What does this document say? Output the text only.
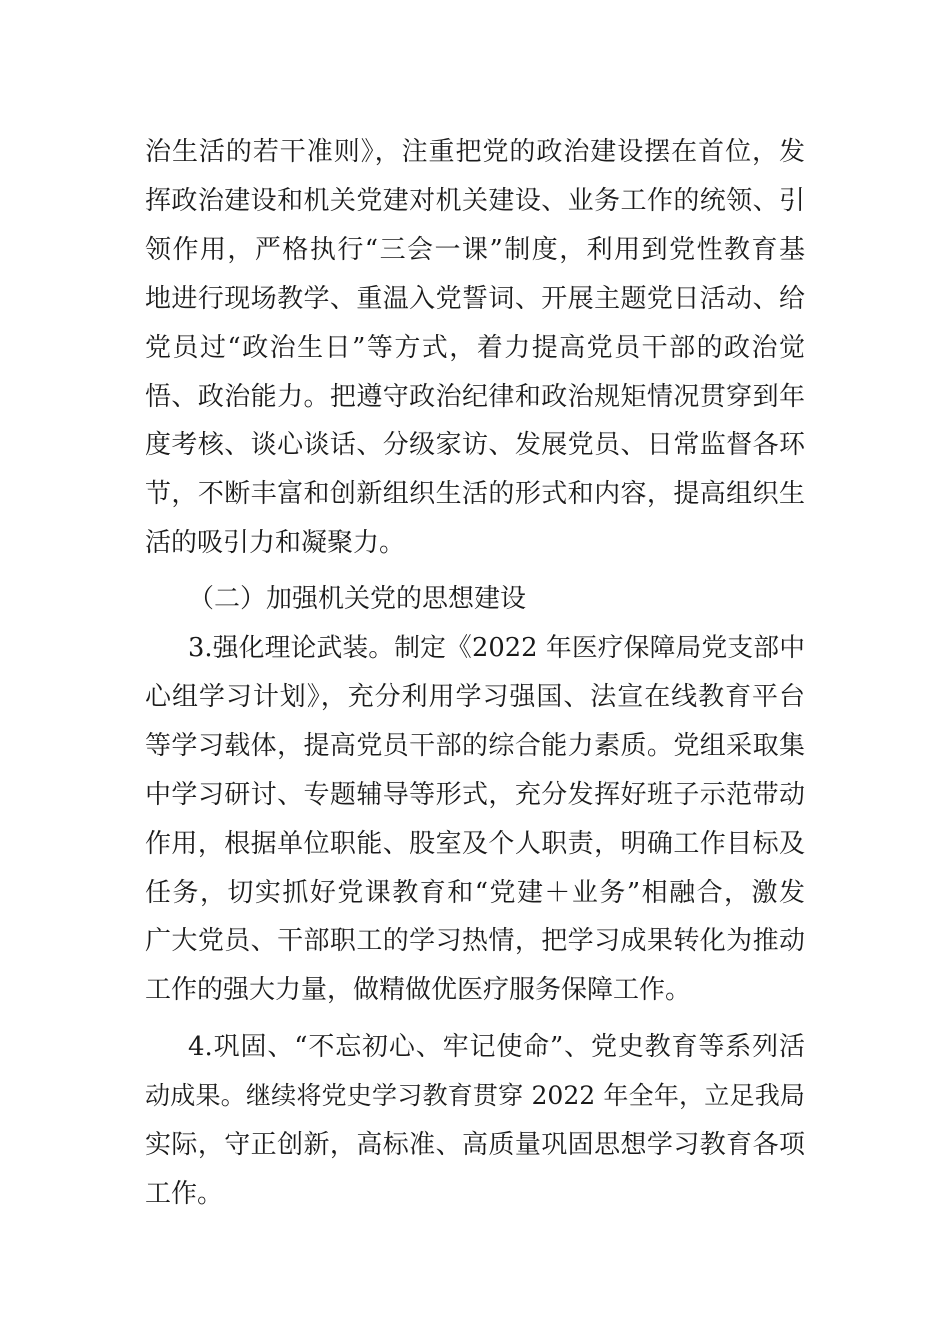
治生活的若干准则》，注重把党的政治建设摆在首位，发
挥政治建设和机关党建对机关建设、业务工作的统领、引
领作用，严格执行“三会一课”制度，利用到党性教育基
地进行现场教学、重温入党誓词、开展主题党日活动、给
党员过“政治生日”等方式，着力提高党员干部的政治觉
悟、政治能力。把遵守政治纪律和政治规矩情况贯穿到年
度考核、谈心谈话、分级家访、发展党员、日常监督各环
节，不断丰富和创新组织生活的形式和内容，提高组织生
活的吸引力和凝聚力。
（二）加强机关党的思想建设
3.强化理论武装。制定《2022 年医疗保障局党支部中
心组学习计划》，充分利用学习强国、法宣在线教育平台
等学习载体，提高党员干部的综合能力素质。党组采取集
中学习研讨、专题辅导等形式，充分发挥好班子示范带动
作用，根据单位职能、股室及个人职责，明确工作目标及
任务，切实抓好党课教育和“党建＋业务”相融合，激发
广大党员、干部职工的学习热情，把学习成果转化为推动
工作的强大力量，做精做优医疗服务保障工作。
4.巩固、“不忘初心、牢记使命”、党史教育等系列活
动成果。继续将党史学习教育贯穿 2022 年全年，立足我局
实际，守正创新，高标准、高质量巩固思想学习教育各项
工作。
